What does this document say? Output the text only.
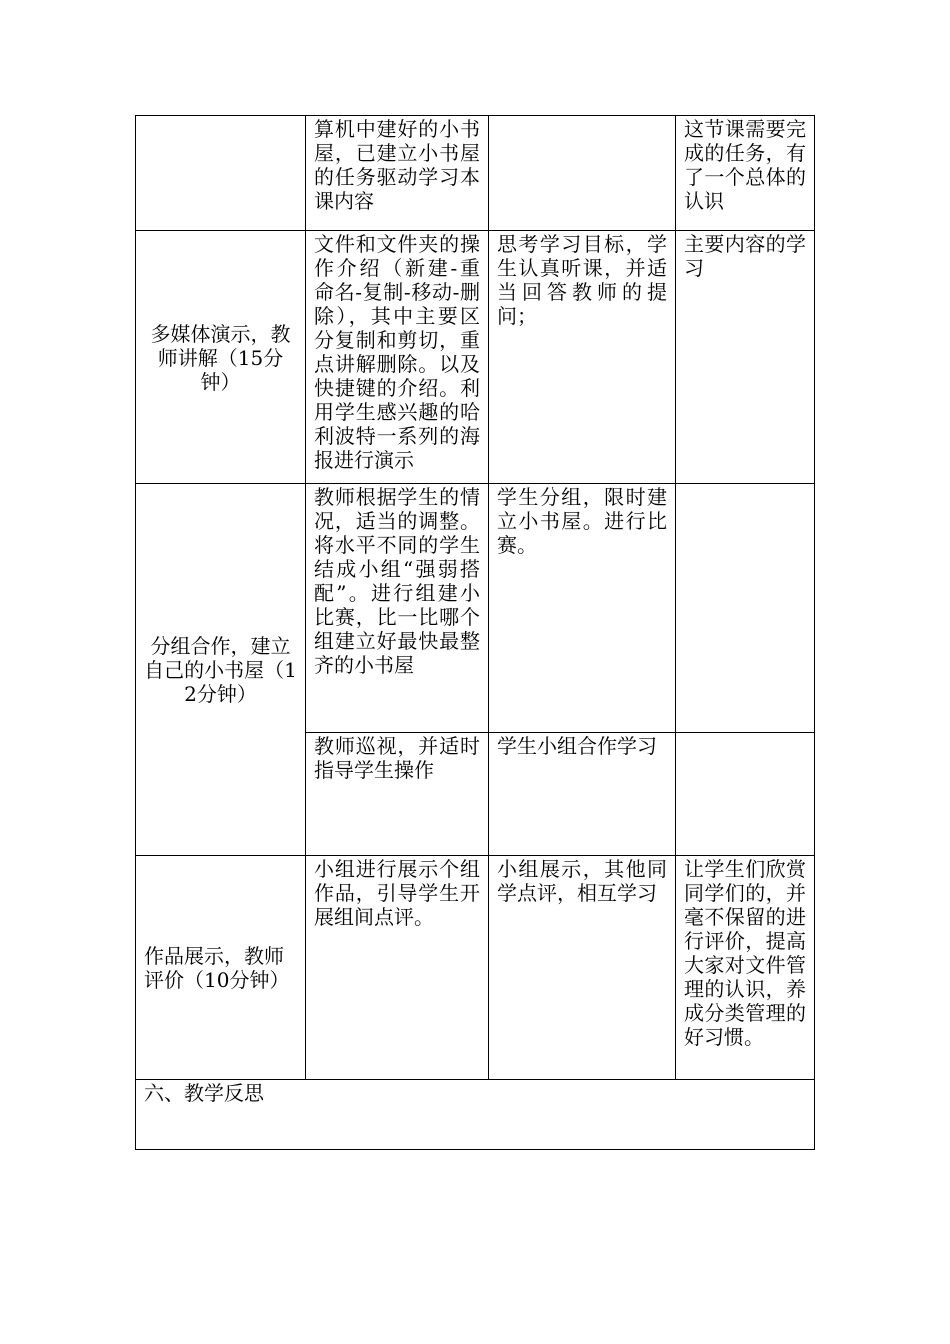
	算机中建好的小书屋，已建立小书屋的任务驱动学习本课内容		这节课需要完成的任务，有了一个总体的认识
多媒体演示，教师讲解（15分钟）	文件和文件夹的操作介绍（新建-重命名-复制-移动-删除），其中主要区分复制和剪切，重点讲解删除。以及快捷键的介绍。利用学生感兴趣的哈利波特一系列的海报进行演示	思考学习目标，学生认真听课，并适当回答教师的提问；	主要内容的学习
分组合作，建立自己的小书屋（12分钟）	教师根据学生的情况，适当的调整。将水平不同的学生结成小组“强弱搭配”。进行组建小比赛，比一比哪个组建立好最快最整齐的小书屋	学生分组，限时建立小书屋。进行比赛。	
	教师巡视，并适时指导学生操作	学生小组合作学习	
作品展示，教师评价（10分钟）	小组进行展示个组作品，引导学生开展组间点评。	小组展示，其他同学点评，相互学习	让学生们欣赏同学们的，并毫不保留的进行评价，提高大家对文件管理的认识，养成分类管理的好习惯。
六、教学反思			
